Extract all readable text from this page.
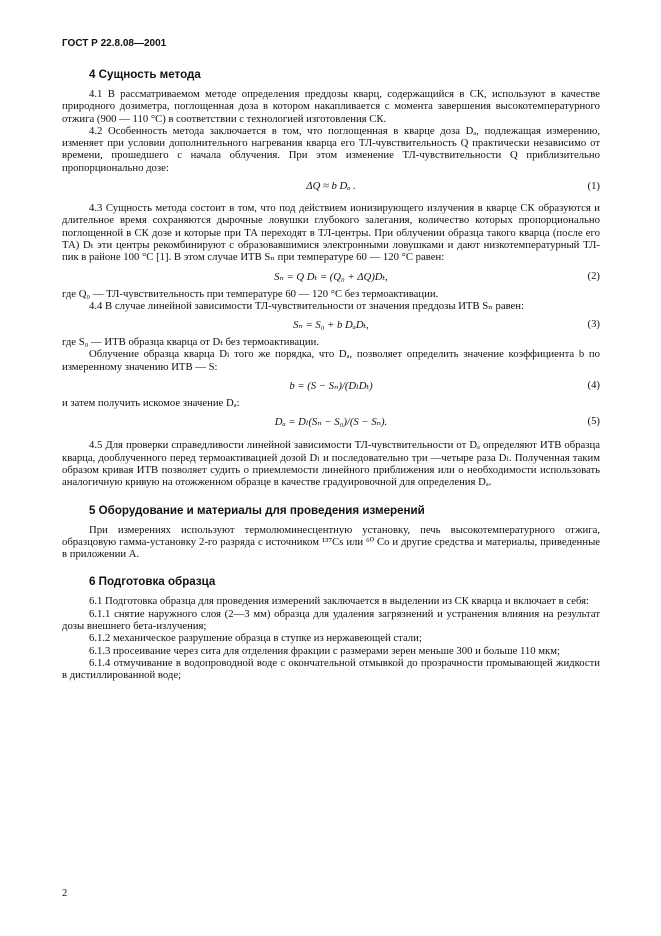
ГОСТ Р 22.8.08—2001
4 Сущность метода

4.1 В рассматриваемом методе определения преддозы кварц, содержащийся в СК, используют в качестве природного дозиметра, поглощенная доза в котором накапливается с момента завершения высокотемпературного отжига (900 — 110 °С) в соответствии с технологией изготовления СК.

4.2 Особенность метода заключается в том, что поглощенная в кварце доза Dₐ, подлежащая измерению, изменяет при условии дополнительного нагревания кварца его ТЛ-чувствительность Q практически независимо от времени, прошедшего с начала облучения. При этом изменение ТЛ-чувствительности Q приблизительно пропорционально дозе:

ΔQ ≈ b Dₐ .	(1)

4.3 Сущность метода состоит в том, что под действием ионизирующего излучения в кварце СК образуются и длительное время сохраняются дырочные ловушки глубокого залегания, количество которых пропорционально поглощенной в СК дозе и которые при ТА переходят в ТЛ-центры. При облучении образца такого кварца (после его ТА) Dₜ эти центры рекомбинируют с образовавшимися электронными ловушками и дают низкотемпературный ТЛ-пик в районе 100 °С [1]. В этом случае ИТВ Sₙ при температуре 60 — 120 °С равен:

Sₙ = Q Dₜ = (Q₀ + ΔQ)Dₜ,	(2)

где Q₀ — ТЛ-чувствительность при температуре 60 — 120 °С без термоактивации.

4.4 В случае линейной зависимости ТЛ-чувствительности от значения преддозы ИТВ Sₙ равен:

Sₙ = S₀ + b DₐDₜ,	(3)

где S₀ — ИТВ образца кварца от Dₜ без термоактивации.

Облучение образца кварца Dₗ того же порядка, что Dₐ, позволяет определить значение коэффициента b по измеренному значению ИТВ — S:

b = (S − Sₙ)/(DₗDₜ)	(4)

и затем получить искомое значение Dₐ:

Dₐ = Dₗ(Sₙ − S₀)/(S − Sₙ).	(5)

4.5 Для проверки справедливости линейной зависимости ТЛ-чувствительности от Dₐ определяют ИТВ образца кварца, дооблученного перед термоактивацией дозой Dₗ и последовательно три —четыре раза Dₗ. Полученная таким образом кривая ИТВ позволяет судить о приемлемости линейного приближения или о необходимости использовать аналогичную кривую на отожженном образце в качестве градуировочной для определения Dₐ.

5 Оборудование и материалы для проведения измерений

При измерениях используют термолюминесцентную установку, печь высокотемпературного отжига, образцовую гамма-установку 2-го разряда с источником ¹³⁷Cs или ⁶⁰ Co и другие средства и материалы, приведенные в приложении А.

6 Подготовка образца

6.1 Подготовка образца для проведения измерений заключается в выделении из СК кварца и включает в себя:

6.1.1 снятие наружного слоя (2—3 мм) образца для удаления загрязнений и устранения влияния на результат дозы внешнего бета-излучения;

6.1.2 механическое разрушение образца в ступке из нержавеющей стали;

6.1.3 просеивание через сита для отделения фракции с размерами зерен меньше 300 и больше 110 мкм;

6.1.4 отмучивание в водопроводной воде с окончательной отмывкой до прозрачности промывающей жидкости в дистиллированной воде;

2
